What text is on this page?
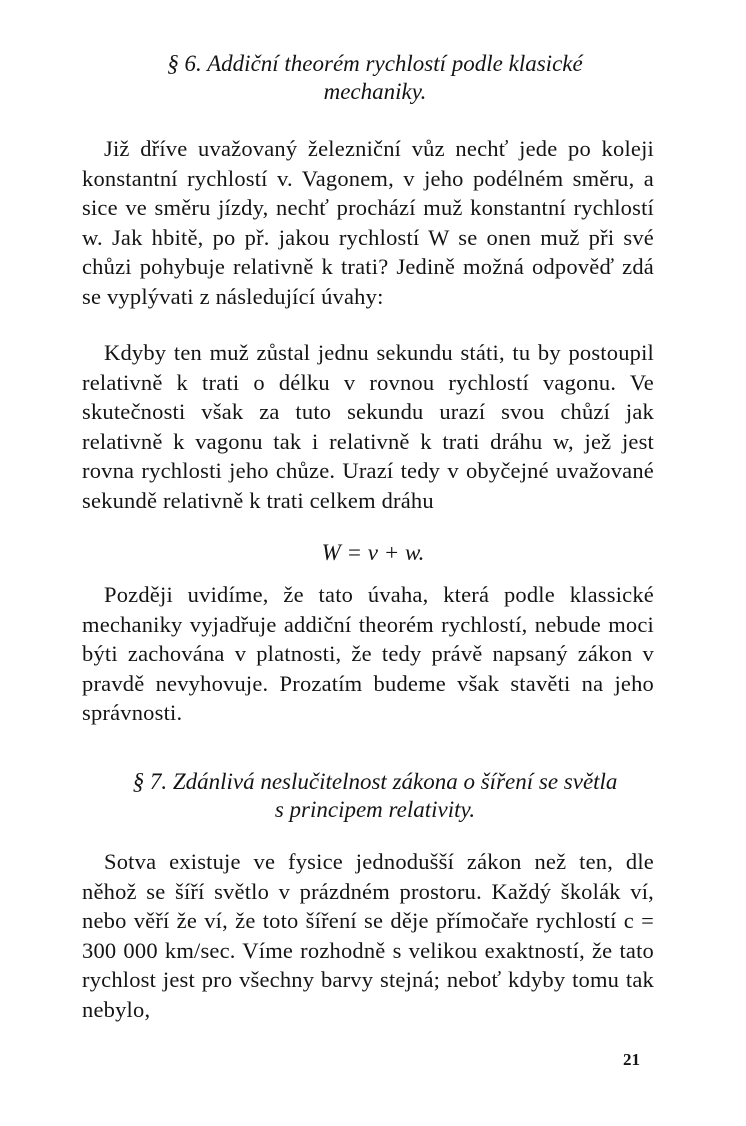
§ 6. Addiční theorém rychlostí podle klasické
mechaniky.
Již dříve uvažovaný železniční vůz nechť jede po koleji konstantní rychlostí v. Vagonem, v jeho podélném směru, a sice ve směru jízdy, nechť prochází muž konstantní rychlostí w. Jak hbitě, po př. jakou rychlostí W se onen muž při své chůzi pohybuje relativně k trati? Jedině možná odpověď zdá se vyplývati z následující úvahy:
Kdyby ten muž zůstal jednu sekundu státi, tu by postoupil relativně k trati o délku v rovnou rychlostí vagonu. Ve skutečnosti však za tuto sekundu urazí svou chůzí jak relativně k vagonu tak i relativně k trati dráhu w, jež jest rovna rychlosti jeho chůze. Urazí tedy v obyčejné uvažované sekundě relativně k trati celkem dráhu
W = v + w.
Později uvidíme, že tato úvaha, která podle klassické mechaniky vyjadřuje addiční theorém rychlostí, nebude moci býti zachována v platnosti, že tedy právě napsaný zákon v pravdě nevyhovuje. Prozatím budeme však stavěti na jeho správnosti.
§ 7. Zdánlivá neslučitelnost zákona o šíření se světla
s principem relativity.
Sotva existuje ve fysice jednodušší zákon než ten, dle něhož se šíří světlo v prázdném prostoru. Každý školák ví, nebo věří že ví, že toto šíření se děje přímočaře rychlostí c = 300 000 km/sec. Víme rozhodně s velikou exaktností, že tato rychlost jest pro všechny barvy stejná; neboť kdyby tomu tak nebylo,
21
